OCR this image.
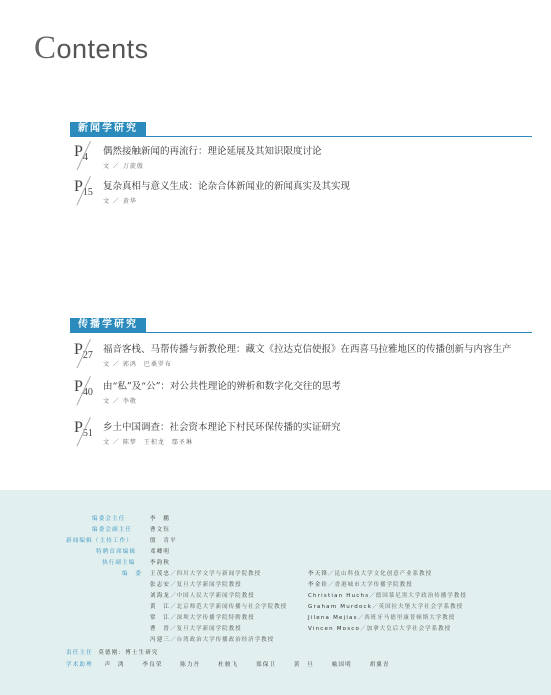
Contents
新闻学研究
$P_4$
偶然接触新闻的再流行：理论延展及其知识限度讨论
文 ／ 万旋傲
$P_{15}$
复杂真相与意义生成：论杂合体新闻业的新闻真实及其实现
文 ／ 黄华
传播学研究
$P_{27}$
福音客栈、马帮传播与新教伦理：藏文《拉达克信使报》在西喜马拉雅地区的传播创新与内容生产
文 ／ 郭鸿　巴桑罗布
$P_{40}$
由“私”及“公”：对公共性理论的辨析和数字化交往的思考
文 ／ 李敬
$P_{51}$
乡土中国调查：社会资本理论下村民环保传播的实证研究
文 ／ 陈梦　王积龙　鄢圣琳
编委会主任	李　鹏
编委会副主任	曹文钰
新闻编辑（主持工作）	殷　肯平
特聘首席编辑	邓卿明
执行副主编	李韵秋
编　委 王茂忠／四川大学文学与新闻学院教授
张志安／复旦大学新闻学院教授
刘海龙／中国人民大学新闻学院教授
黄　江／北京师范大学新闻传播与社会学院教授
常　江／深圳大学传播学院特聘教授
曹　晋／复旦大学新闻学院教授
冯建三／台湾政治大学传播政治经济学教授
李天锋／昆山科技大学文化创意产业系教授
李金铨／香港城市大学传播学院教授
Christian Huchs／德国慕尼黑大学政治传播学教授
Graham Murdock／英国拉夫堡大学社会学系教授
Jilena Mejias／西班牙马德里康普顿斯大学教授
Vincen Mosco／加拿大皇后大学社会学系教授
责任主任　 莫德刚：博士生研究
学术助理 声　鸿	李良荣	陈力丹	杜骏飞	郑保卫	黄　旦	喻国明	胡翼青
